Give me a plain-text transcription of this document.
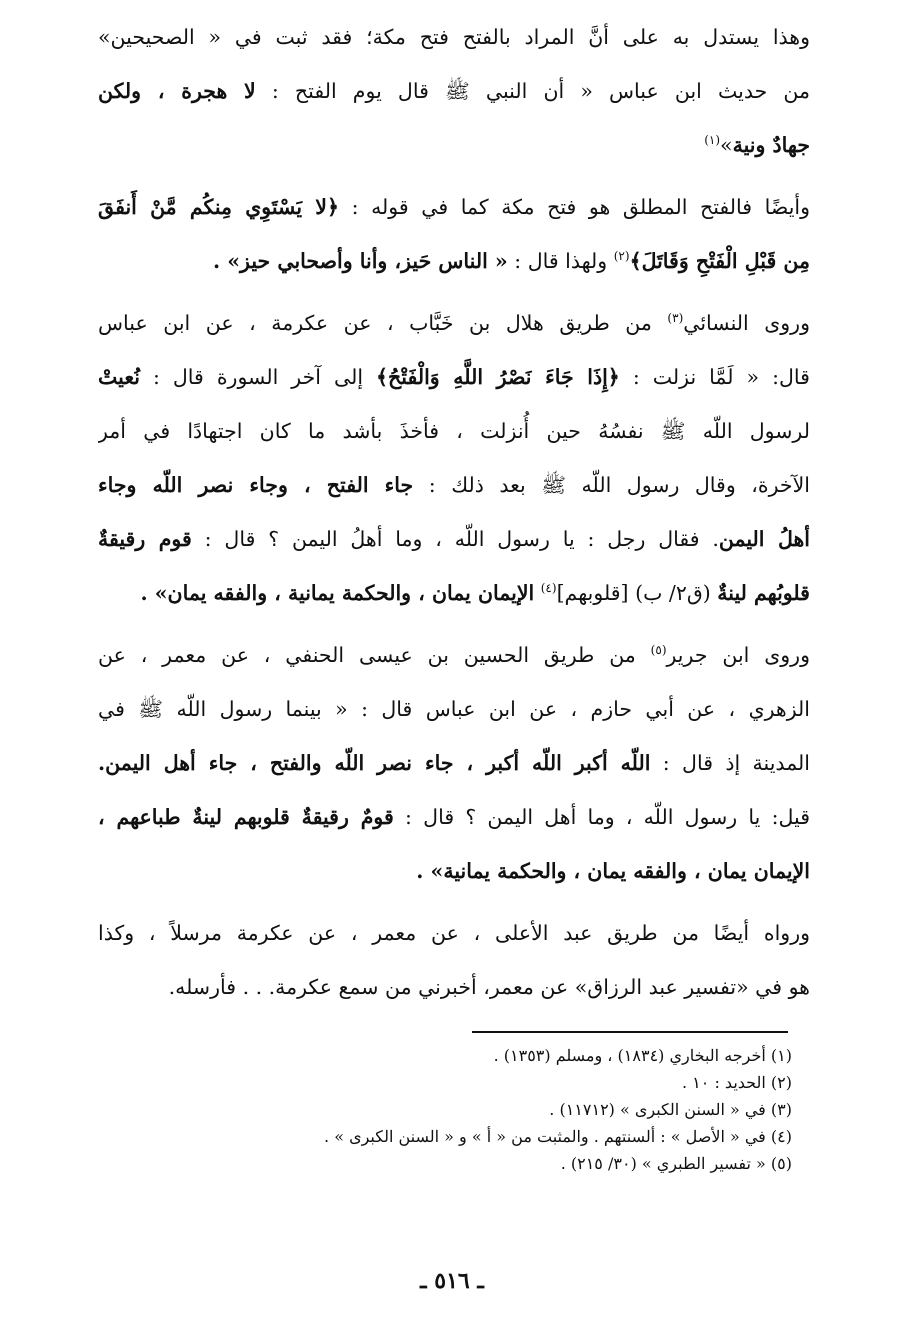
وهذا يستدل به على أنَّ المراد بالفتح فتح مكة؛ فقد ثبت في « الصحيحين»
من حديث ابن عباس « أن النبي ﷺ قال يوم الفتح : لا هجرة ، ولكن
جهادٌ ونية»$^{(١)}$
وأيضًا فالفتح المطلق هو فتح مكة كما في قوله : ﴿لا يَسْتَوِي مِنكُم مَّنْ أَنفَقَ
مِن قَبْلِ الْفَتْحِ وَقَاتَلَ﴾$^{(٢)}$ ولهذا قال : « الناس حَيز، وأنا وأصحابي حيز» .
وروى النسائي$^{(٣)}$ من طريق هلال بن خَبَّاب ، عن عكرمة ، عن ابن عباس
قال: « لَمَّا نزلت : ﴿إِذَا جَاءَ نَصْرُ اللَّهِ وَالْفَتْحُ﴾ إلى آخر السورة قال : نُعيتْ
لرسول اللّه ﷺ نفسُهُ حين أُنزلت ، فأخذَ بأشد ما كان اجتهادًا في أمر
الآخرة، وقال رسول اللّه ﷺ بعد ذلك : جاء الفتح ، وجاء نصر اللّه وجاء
أهلُ اليمن. فقال رجل : يا رسول اللّه ، وما أهلُ اليمن ؟ قال : قوم رقيقةٌ
قلوبُهم لينةٌ (ق٢/ ب) [قلوبهم]$^{(٤)}$ الإيمان يمان ، والحكمة يمانية ، والفقه يمان» .
وروى ابن جرير$^{(٥)}$ من طريق الحسين بن عيسى الحنفي ، عن معمر ، عن
الزهري ، عن أبي حازم ، عن ابن عباس قال : « بينما رسول اللّه ﷺ في
المدينة إذ قال : اللّه أكبر اللّه أكبر ، جاء نصر اللّه والفتح ، جاء أهل اليمن.
قيل: يا رسول اللّه ، وما أهل اليمن ؟ قال : قومٌ رقيقةٌ قلوبهم لينةٌ طباعهم ،
الإيمان يمان ، والفقه يمان ، والحكمة يمانية» .
ورواه أيضًا من طريق عبد الأعلى ، عن معمر ، عن عكرمة مرسلاً ، وكذا
هو في «تفسير عبد الرزاق» عن معمر، أخبرني من سمع عكرمة. . . فأرسله.
(١) أخرجه البخاري (١٨٣٤) ، ومسلم (١٣٥٣) .
(٢) الحديد : ١٠ .
(٣) في « السنن الكبرى » (١١٧١٢) .
(٤) في « الأصل » : ألسنتهم . والمثبت من « أ » و « السنن الكبرى » .
(٥) « تفسير الطبري » (٣٠/ ٢١٥) .
ـ ٥١٦ ـ
